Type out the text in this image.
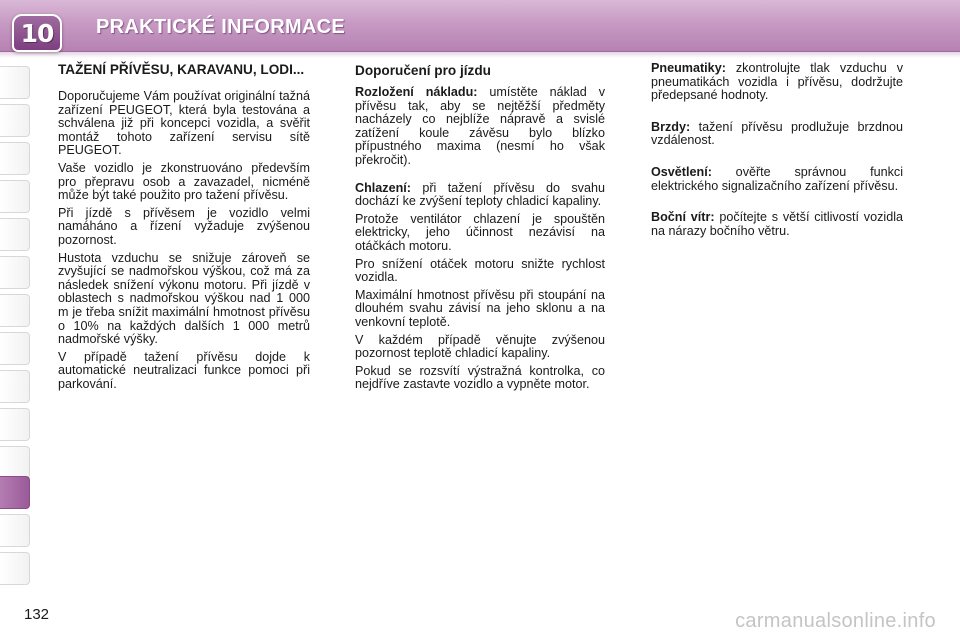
10 PRAKTICKÉ INFORMACE
TAŽENÍ PŘÍVĚSU, KARAVANU, LODI...

Doporučujeme Vám používat originální tažná zařízení PEUGEOT, která byla testována a schválena již při koncepci vozidla, a svěřit montáž tohoto zařízení servisu sítě PEUGEOT.

Vaše vozidlo je zkonstruováno především pro přepravu osob a zavazadel, nicméně může být také použito pro tažení přívěsu.

Při jízdě s přívěsem je vozidlo velmi namáháno a řízení vyžaduje zvýšenou pozornost.

Hustota vzduchu se snižuje zároveň se zvyšující se nadmořskou výškou, což má za následek snížení výkonu motoru. Při jízdě v oblastech s nadmořskou výškou nad 1 000 m je třeba snížit maximální hmotnost přívěsu o 10% na každých dalších 1 000 metrů nadmořské výšky.

V případě tažení přívěsu dojde k automatické neutralizaci funkce pomoci při parkování.

Doporučení pro jízdu

Rozložení nákladu: umístěte náklad v přívěsu tak, aby se nejtěžší předměty nacházely co nejblíže nápravě a svislé zatížení koule závěsu bylo blízko přípustného maxima (nesmí ho však překročit).

Chlazení: při tažení přívěsu do svahu dochází ke zvýšení teploty chladicí kapaliny.

Protože ventilátor chlazení je spouštěn elektricky, jeho účinnost nezávisí na otáčkách motoru.

Pro snížení otáček motoru snižte rychlost vozidla.

Maximální hmotnost přívěsu při stoupání na dlouhém svahu závisí na jeho sklonu a na venkovní teplotě.

V každém případě věnujte zvýšenou pozornost teplotě chladicí kapaliny.

Pokud se rozsvítí výstražná kontrolka, co nejdříve zastavte vozidlo a vypněte motor.

Pneumatiky: zkontrolujte tlak vzduchu v pneumatikách vozidla i přívěsu, dodržujte předepsané hodnoty.

Brzdy: tažení přívěsu prodlužuje brzdnou vzdálenost.

Osvětlení: ověřte správnou funkci elektrického signalizačního zařízení přívěsu.

Boční vítr: počítejte s větší citlivostí vozidla na nárazy bočního větru.

132	carmanualsonline.info
